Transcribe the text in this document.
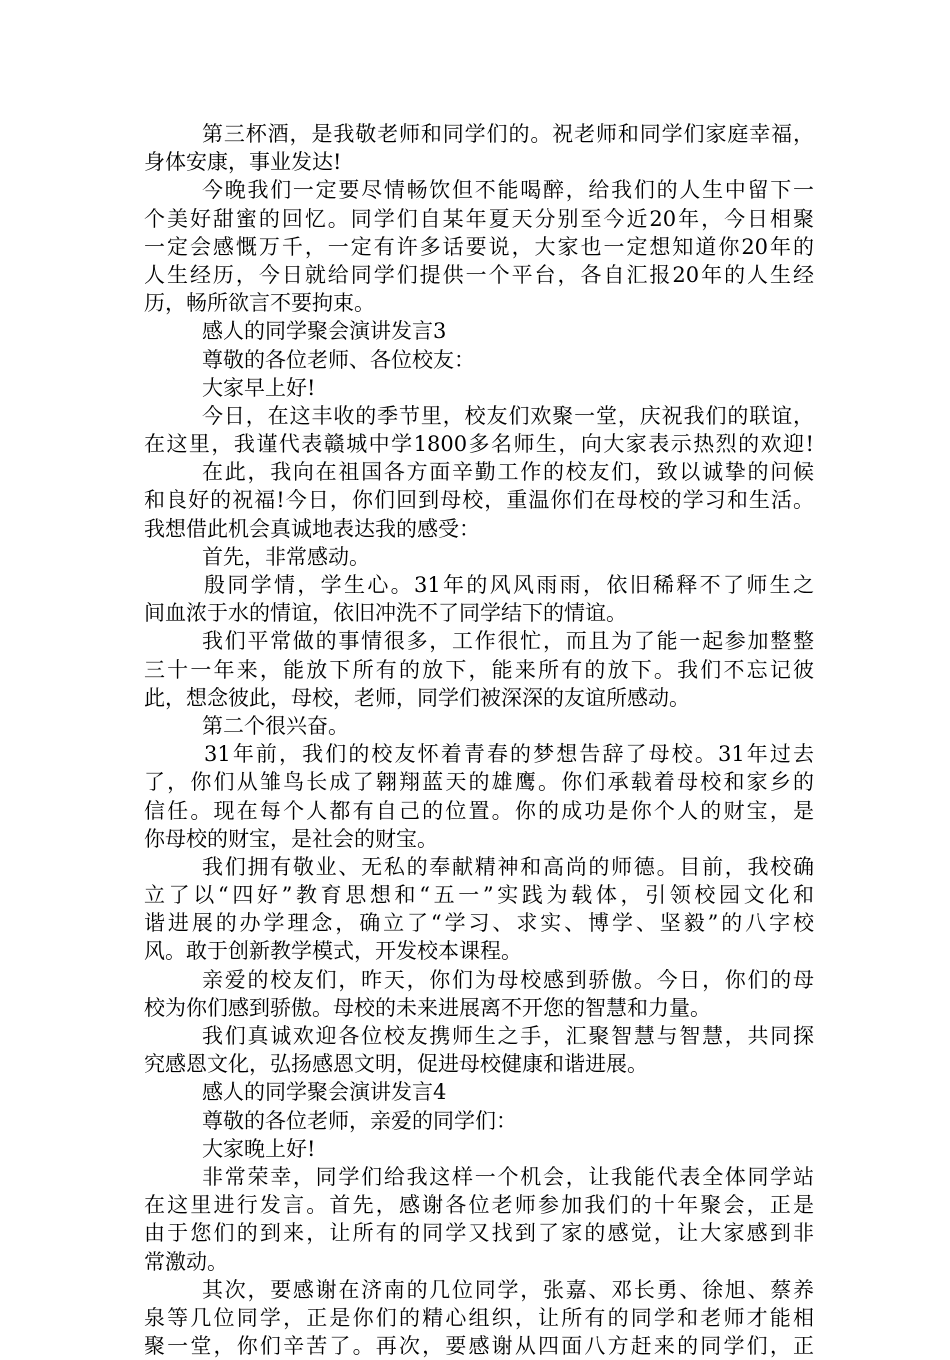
第三杯酒，是我敬老师和同学们的。祝老师和同学们家庭幸福，
身体安康，事业发达!
今晚我们一定要尽情畅饮但不能喝醉，给我们的人生中留下一
个美好甜蜜的回忆。同学们自某年夏天分别至今近20年，今日相聚
一定会感慨万千，一定有许多话要说，大家也一定想知道你20年的
人生经历，今日就给同学们提供一个平台，各自汇报20年的人生经
历，畅所欲言不要拘束。
感人的同学聚会演讲发言3
尊敬的各位老师、各位校友：
大家早上好!
今日，在这丰收的季节里，校友们欢聚一堂，庆祝我们的联谊，
在这里，我谨代表赣城中学1800多名师生，向大家表示热烈的欢迎!
在此，我向在祖国各方面辛勤工作的校友们，致以诚挚的问候
和良好的祝福!今日，你们回到母校，重温你们在母校的学习和生活。
我想借此机会真诚地表达我的感受：
首先，非常感动。
殷同学情，学生心。31年的风风雨雨，依旧稀释不了师生之
间血浓于水的情谊，依旧冲洗不了同学结下的情谊。
我们平常做的事情很多，工作很忙，而且为了能一起参加整整
三十一年来，能放下所有的放下，能来所有的放下。我们不忘记彼
此，想念彼此，母校，老师，同学们被深深的友谊所感动。
第二个很兴奋。
31年前，我们的校友怀着青春的梦想告辞了母校。31年过去
了，你们从雏鸟长成了翱翔蓝天的雄鹰。你们承载着母校和家乡的
信任。现在每个人都有自己的位置。你的成功是你个人的财宝，是
你母校的财宝，是社会的财宝。
我们拥有敬业、无私的奉献精神和高尚的师德。目前，我校确
立了以“四好”教育思想和“五一”实践为载体，引领校园文化和
谐进展的办学理念，确立了“学习、求实、博学、坚毅”的八字校
风。敢于创新教学模式，开发校本课程。
亲爱的校友们，昨天，你们为母校感到骄傲。今日，你们的母
校为你们感到骄傲。母校的未来进展离不开您的智慧和力量。
我们真诚欢迎各位校友携师生之手，汇聚智慧与智慧，共同探
究感恩文化，弘扬感恩文明，促进母校健康和谐进展。
感人的同学聚会演讲发言4
尊敬的各位老师，亲爱的同学们：
大家晚上好!
非常荣幸，同学们给我这样一个机会，让我能代表全体同学站
在这里进行发言。首先，感谢各位老师参加我们的十年聚会，正是
由于您们的到来，让所有的同学又找到了家的感觉，让大家感到非
常激动。
其次，要感谢在济南的几位同学，张嘉、邓长勇、徐旭、蔡养
泉等几位同学，正是你们的精心组织，让所有的同学和老师才能相
聚一堂，你们辛苦了。再次，要感谢从四面八方赶来的同学们，正
